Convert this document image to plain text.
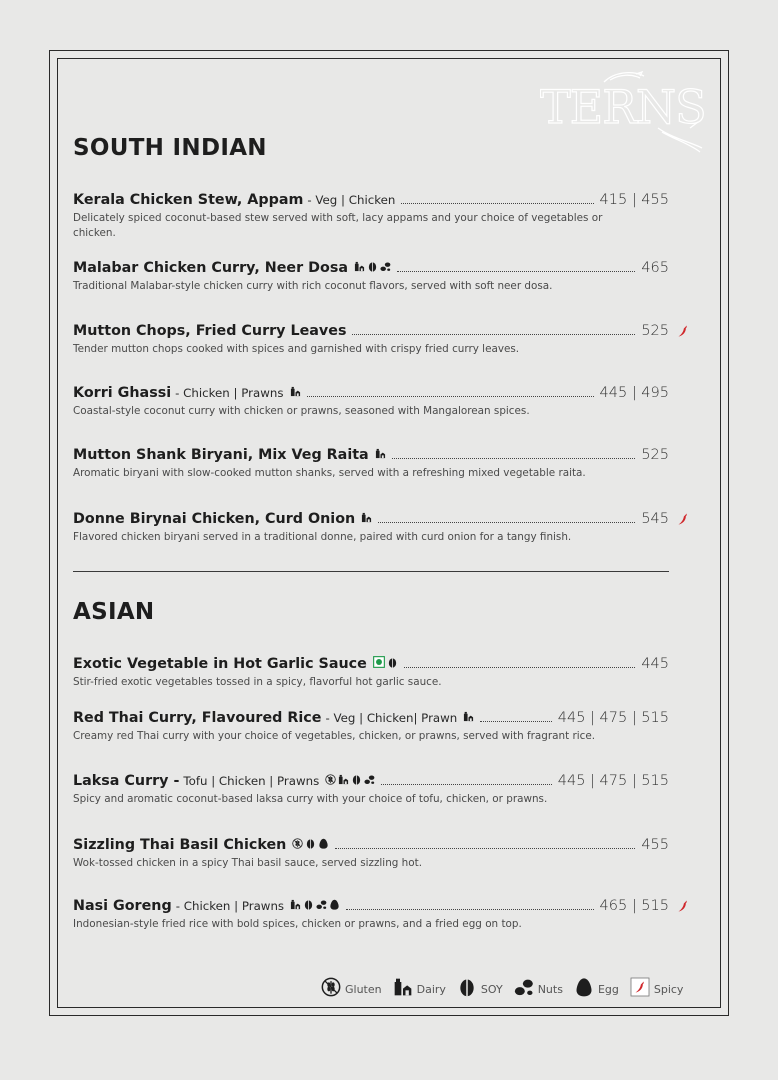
TERNS
SOUTH INDIAN
Kerala Chicken Stew, Appam - Veg | Chicken	415 | 455
Delicately spiced coconut-based stew served with soft, lacy appams and your choice of vegetables or chicken.
Malabar Chicken Curry, Neer Dosa	465
Traditional Malabar-style chicken curry with rich coconut flavors, served with soft neer dosa.
Mutton Chops, Fried Curry Leaves	525
Tender mutton chops cooked with spices and garnished with crispy fried curry leaves.
Korri Ghassi - Chicken | Prawns	445 | 495
Coastal-style coconut curry with chicken or prawns, seasoned with Mangalorean spices.
Mutton Shank Biryani, Mix Veg Raita	525
Aromatic biryani with slow-cooked mutton shanks, served with a refreshing mixed vegetable raita.
Donne Birynai Chicken, Curd Onion	545
Flavored chicken biryani served in a traditional donne, paired with curd onion for a tangy finish.
ASIAN
Exotic Vegetable in Hot Garlic Sauce	445
Stir-fried exotic vegetables tossed in a spicy, flavorful hot garlic sauce.
Red Thai Curry, Flavoured Rice - Veg | Chicken| Prawn	445 | 475 | 515
Creamy red Thai curry with your choice of vegetables, chicken, or prawns, served with fragrant rice.
Laksa Curry - Tofu | Chicken | Prawns	445 | 475 | 515
Spicy and aromatic coconut-based laksa curry with your choice of tofu, chicken, or prawns.
Sizzling Thai Basil Chicken	455
Wok-tossed chicken in a spicy Thai basil sauce, served sizzling hot.
Nasi Goreng - Chicken | Prawns	465 | 515
Indonesian-style fried rice with bold spices, chicken or prawns, and a fried egg on top.
Gluten	Dairy	SOY	Nuts	Egg	Spicy
